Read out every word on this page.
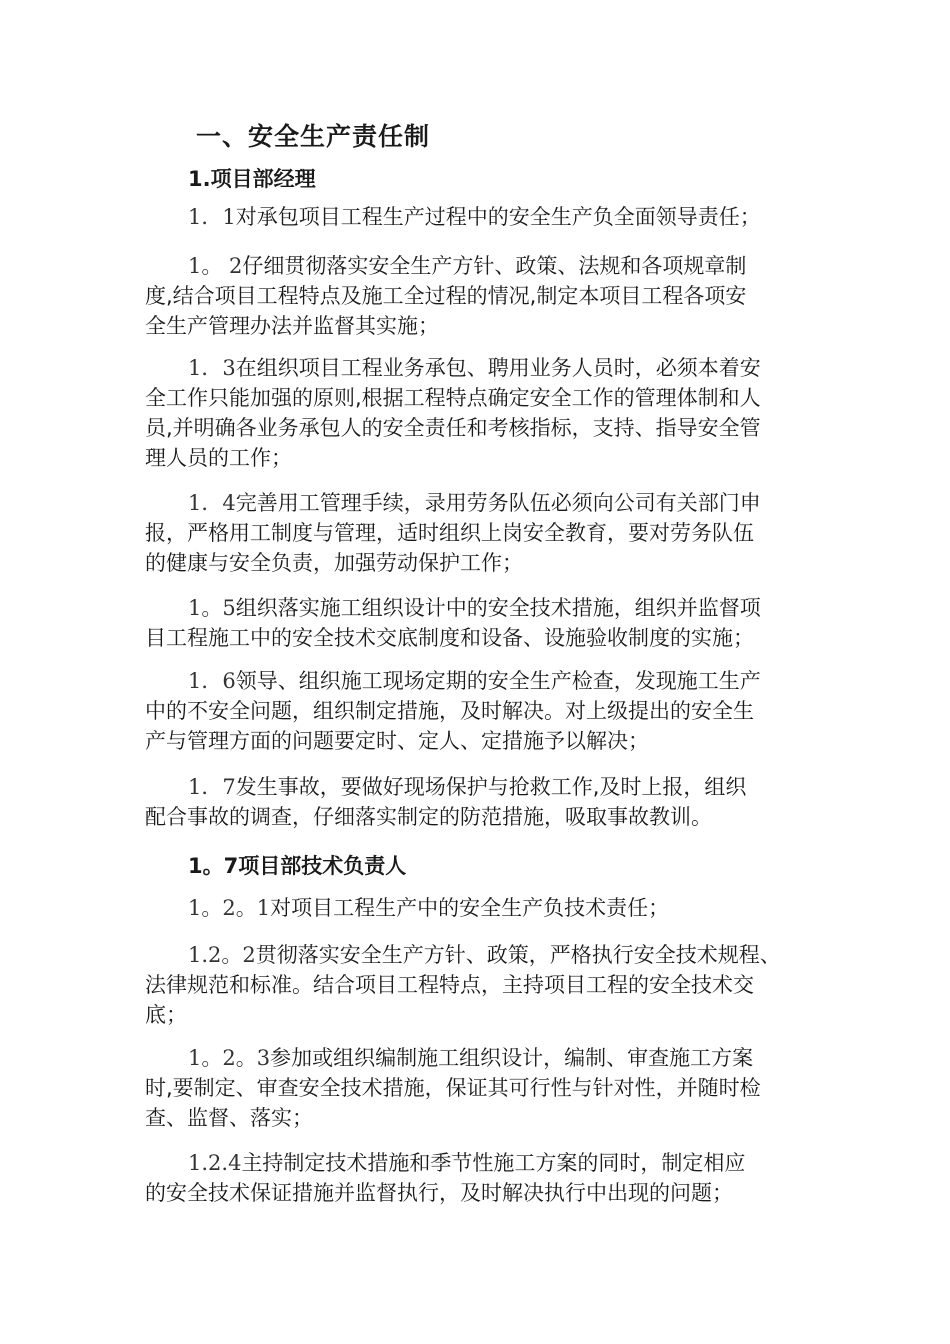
一、安全生产责任制
1.项目部经理
1．1对承包项目工程生产过程中的安全生产负全面领导责任；
1。 2仔细贯彻落实安全生产方针、政策、法规和各项规章制
度,结合项目工程特点及施工全过程的情况,制定本项目工程各项安
全生产管理办法并监督其实施；
1．3在组织项目工程业务承包、聘用业务人员时，必须本着安
全工作只能加强的原则,根据工程特点确定安全工作的管理体制和人
员,并明确各业务承包人的安全责任和考核指标，支持、指导安全管
理人员的工作；
1．4完善用工管理手续，录用劳务队伍必须向公司有关部门申
报，严格用工制度与管理，适时组织上岗安全教育，要对劳务队伍
的健康与安全负责，加强劳动保护工作；
1。5组织落实施工组织设计中的安全技术措施，组织并监督项
目工程施工中的安全技术交底制度和设备、设施验收制度的实施；
1．6领导、组织施工现场定期的安全生产检查，发现施工生产
中的不安全问题，组织制定措施，及时解决。对上级提出的安全生
产与管理方面的问题要定时、定人、定措施予以解决；
1．7发生事故，要做好现场保护与抢救工作,及时上报，组织
配合事故的调查，仔细落实制定的防范措施，吸取事故教训。
1。7项目部技术负责人
1。2。1对项目工程生产中的安全生产负技术责任；
1.2。2贯彻落实安全生产方针、政策，严格执行安全技术规程、
法律规范和标准。结合项目工程特点，主持项目工程的安全技术交
底；
1。2。3参加或组织编制施工组织设计，编制、审查施工方案
时,要制定、审查安全技术措施，保证其可行性与针对性，并随时检
查、监督、落实；
1.2.4主持制定技术措施和季节性施工方案的同时，制定相应
的安全技术保证措施并监督执行，及时解决执行中出现的问题；
